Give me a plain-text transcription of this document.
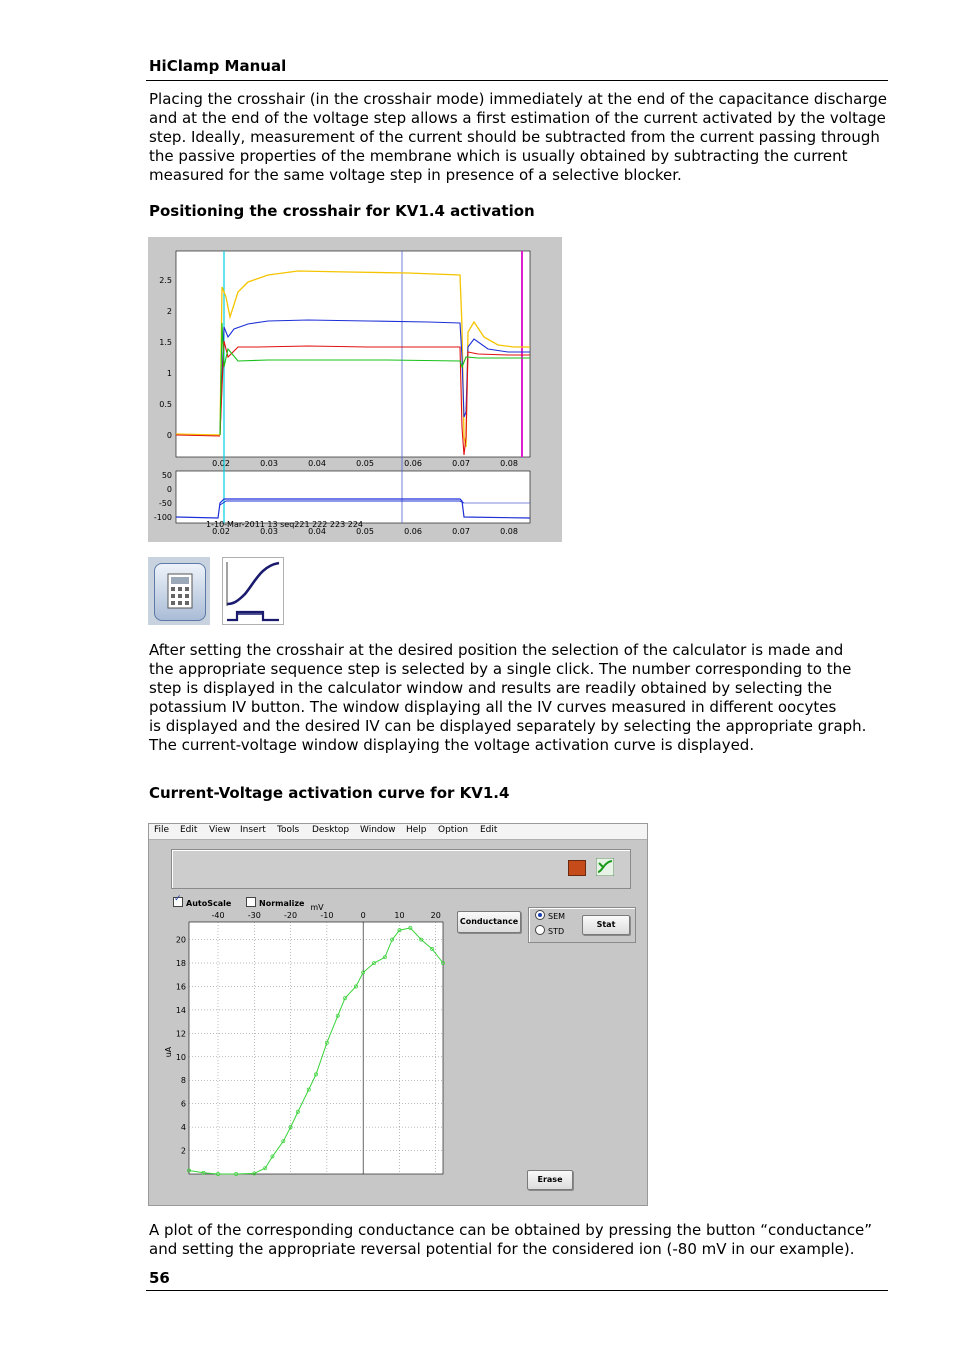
HiClamp Manual
Placing the crosshair (in the crosshair mode) immediately at the end of the capacitance discharge
and at the end of the voltage step allows a first estimation of the current activated by the voltage
step. Ideally, measurement of the current should be subtracted from the current passing through
the passive properties of the membrane which is usually obtained by subtracting the current
measured for the same voltage step in presence of a selective blocker.
Positioning the crosshair for KV1.4 activation
2.5
2
1.5
1
0.5
0
0.02	0.03	0.04	0.05	0.06	0.07	0.08
50
0
-50
-100
0.02	0.03	0.04	0.05	0.06	0.07	0.08
1-10-Mar-2011 13 seq221 222 223 224
After setting the crosshair at the desired position the selection of the calculator is made and
the appropriate sequence step is selected by a single click. The number corresponding to the
step is displayed in the calculator window and results are readily obtained by selecting the
potassium IV button. The window displaying all the IV curves measured in different oocytes
is displayed and the desired IV can be displayed separately by selecting the appropriate graph.
The current-voltage window displaying the voltage activation curve is displayed.
Current-Voltage activation curve for KV1.4
File Edit View Insert Tools Desktop Window Help Option Edit
✓AutoScale	Normalize
Conductance
SEM
STD
Stat
Erase
-40	-30	-20	-10	0	10	20
20
18
16
14
12
10
8
6
4
2
mV
uA
A plot of the corresponding conductance can be obtained by pressing the button “conductance”
and setting the appropriate reversal potential for the considered ion (-80 mV in our example).
56
